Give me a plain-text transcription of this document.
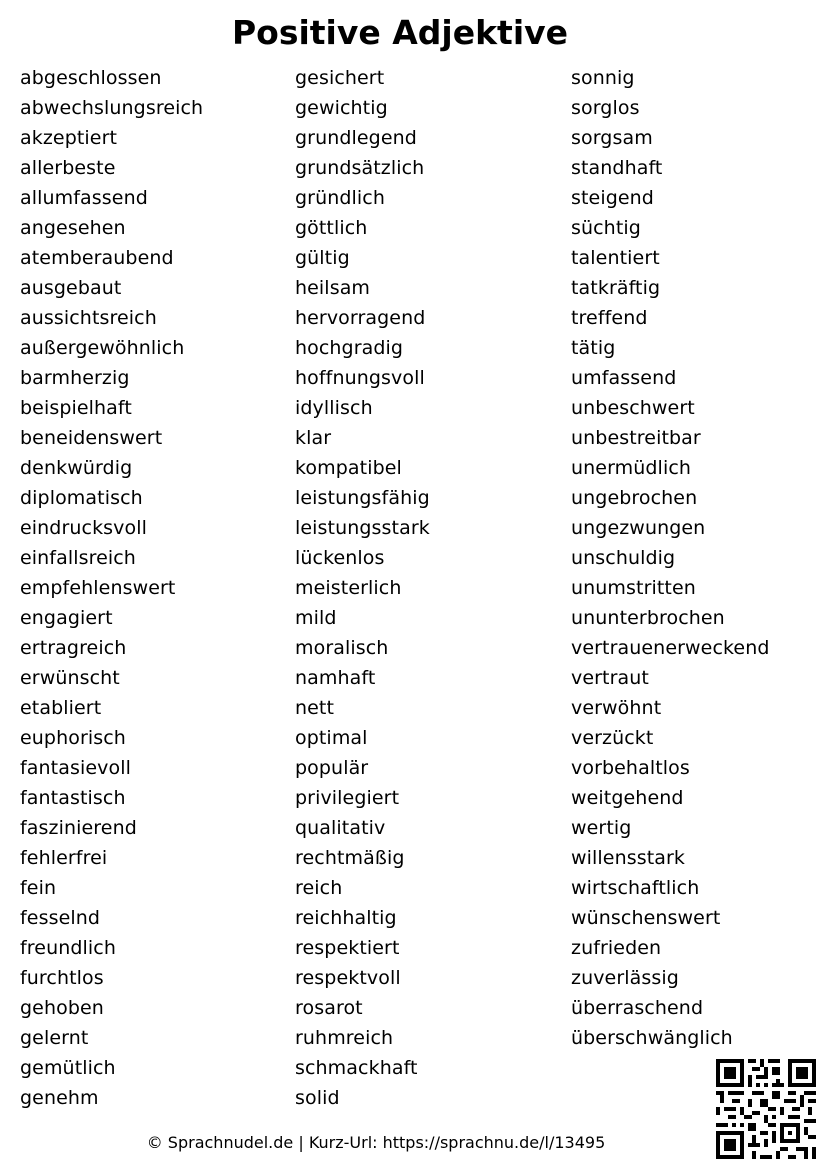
Positive Adjektive
abgeschlossen
abwechslungsreich
akzeptiert
allerbeste
allumfassend
angesehen
atemberaubend
ausgebaut
aussichtsreich
außergewöhnlich
barmherzig
beispielhaft
beneidenswert
denkwürdig
diplomatisch
eindrucksvoll
einfallsreich
empfehlenswert
engagiert
ertragreich
erwünscht
etabliert
euphorisch
fantasievoll
fantastisch
faszinierend
fehlerfrei
fein
fesselnd
freundlich
furchtlos
gehoben
gelernt
gemütlich
genehm
gesichert
gewichtig
grundlegend
grundsätzlich
gründlich
göttlich
gültig
heilsam
hervorragend
hochgradig
hoffnungsvoll
idyllisch
klar
kompatibel
leistungsfähig
leistungsstark
lückenlos
meisterlich
mild
moralisch
namhaft
nett
optimal
populär
privilegiert
qualitativ
rechtmäßig
reich
reichhaltig
respektiert
respektvoll
rosarot
ruhmreich
schmackhaft
solid
sonnig
sorglos
sorgsam
standhaft
steigend
süchtig
talentiert
tatkräftig
treffend
tätig
umfassend
unbeschwert
unbestreitbar
unermüdlich
ungebrochen
ungezwungen
unschuldig
unumstritten
ununterbrochen
vertrauenerweckend
vertraut
verwöhnt
verzückt
vorbehaltlos
weitgehend
wertig
willensstark
wirtschaftlich
wünschenswert
zufrieden
zuverlässig
überraschend
überschwänglich
© Sprachnudel.de | Kurz-Url: https://sprachnu.de/l/13495
